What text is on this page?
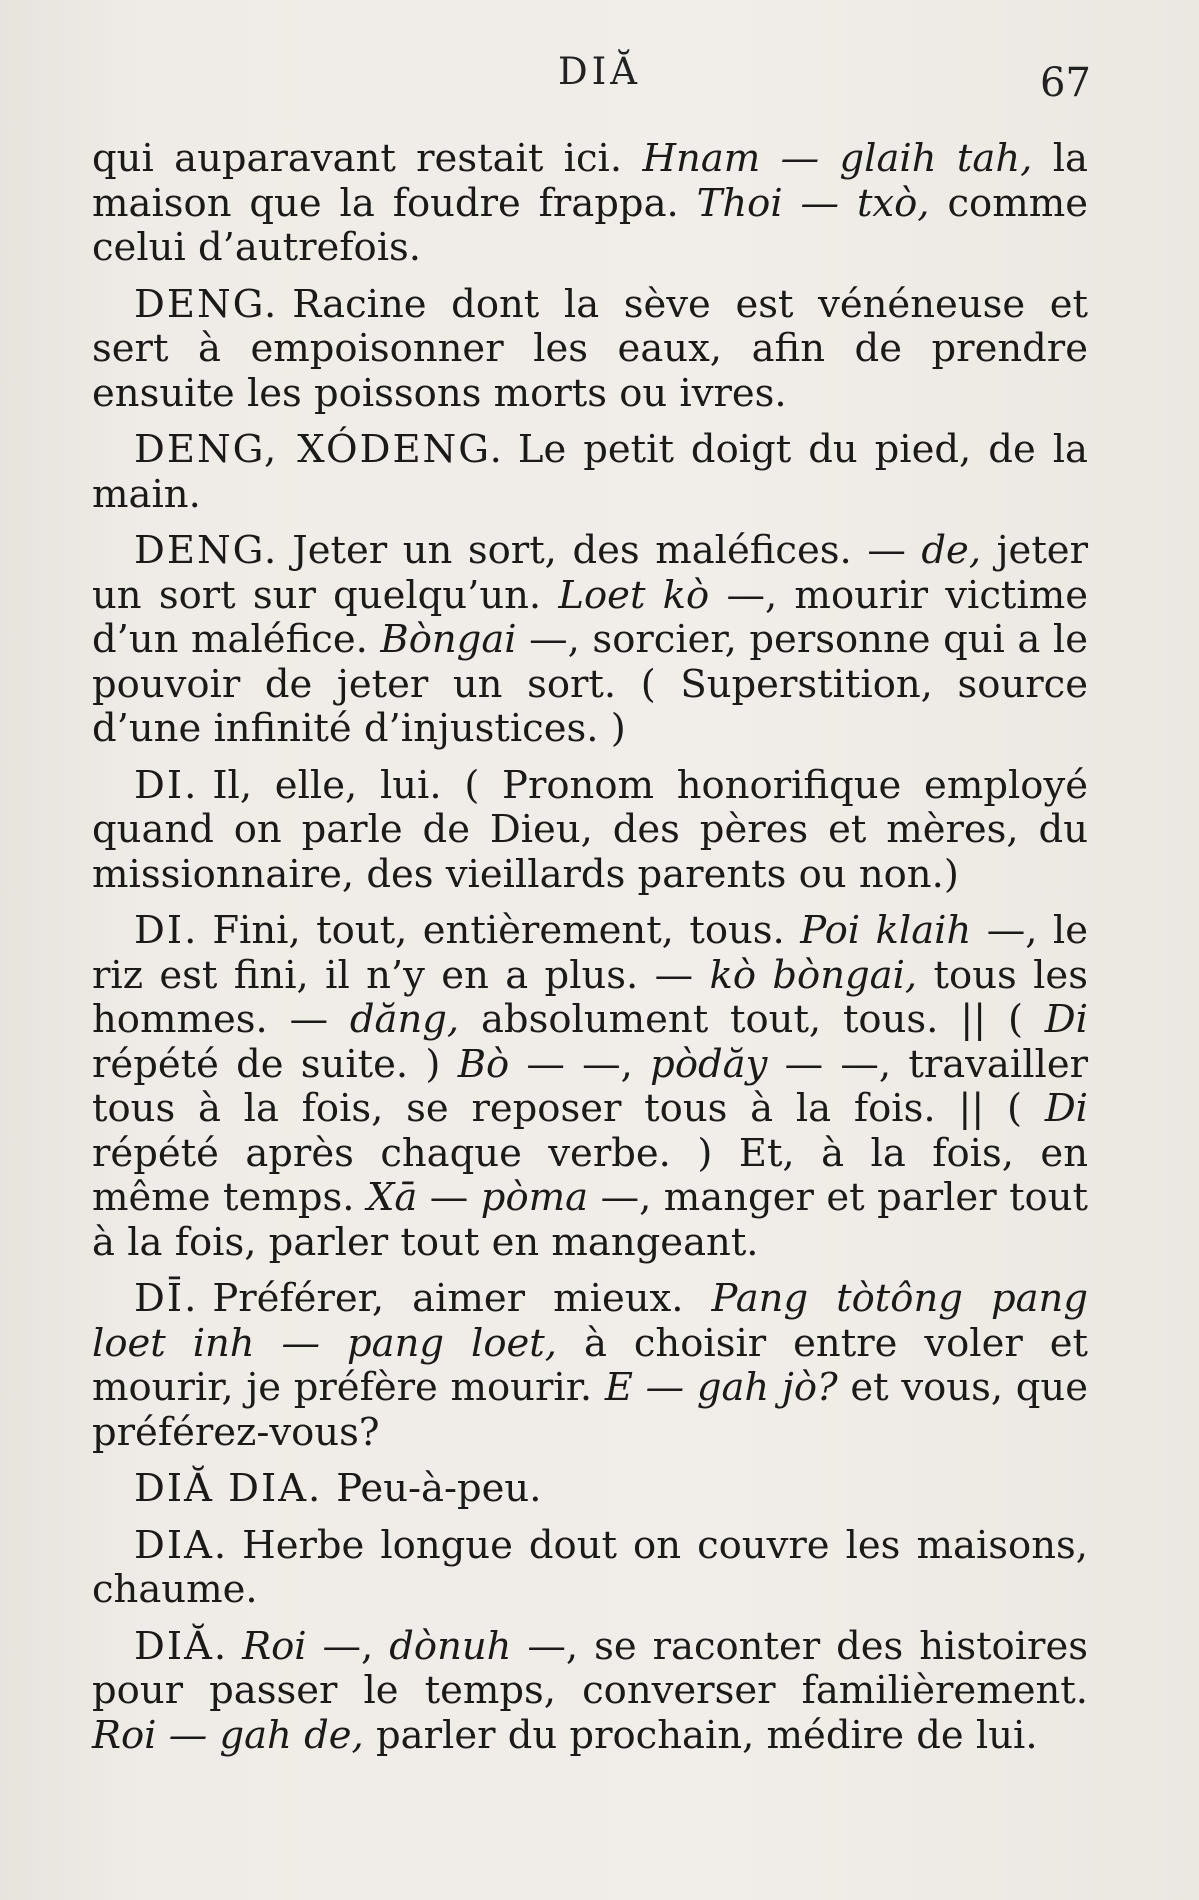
DIĂ	67

qui auparavant restait ici. Hnam — glaih tah, la maison que la foudre frappa. Thoi — txò, comme celui d’autrefois.

DENG. Racine dont la sève est vénéneuse et sert à empoisonner les eaux, afin de prendre ensuite les poissons morts ou ivres.

DENG, XÓDENG. Le petit doigt du pied, de la main.

DENG. Jeter un sort, des maléfices. — de, jeter un sort sur quelqu’un. Loet kò —, mourir victime d’un maléfice. Bòngai —, sorcier, personne qui a le pouvoir de jeter un sort. ( Superstition, source d’une infinité d’injustices. )

DI. Il, elle, lui. ( Pronom honorifique employé quand on parle de Dieu, des pères et mères, du missionnaire, des vieillards parents ou non.)

DI. Fini, tout, entièrement, tous. Poi klaih —, le riz est fini, il n’y en a plus. — kò bòngai, tous les hommes. — dăng, absolument tout, tous. || ( Di répété de suite. ) Bò — —, pòdăy — —, travailler tous à la fois, se reposer tous à la fois. || ( Di répété après chaque verbe. ) Et, à la fois, en même temps. Xā — pòma —, manger et parler tout à la fois, parler tout en mangeant.

DĪ. Préférer, aimer mieux. Pang tòtông pang loet inh — pang loet, à choisir entre voler et mourir, je préfère mourir. E — gah jò? et vous, que préférez-vous?

DIĂ DIA. Peu-à-peu.

DIA. Herbe longue dout on couvre les maisons, chaume.

DIĂ. Roi —, dònuh —, se raconter des histoires pour passer le temps, converser familièrement. Roi — gah de, parler du prochain, médire de lui.
